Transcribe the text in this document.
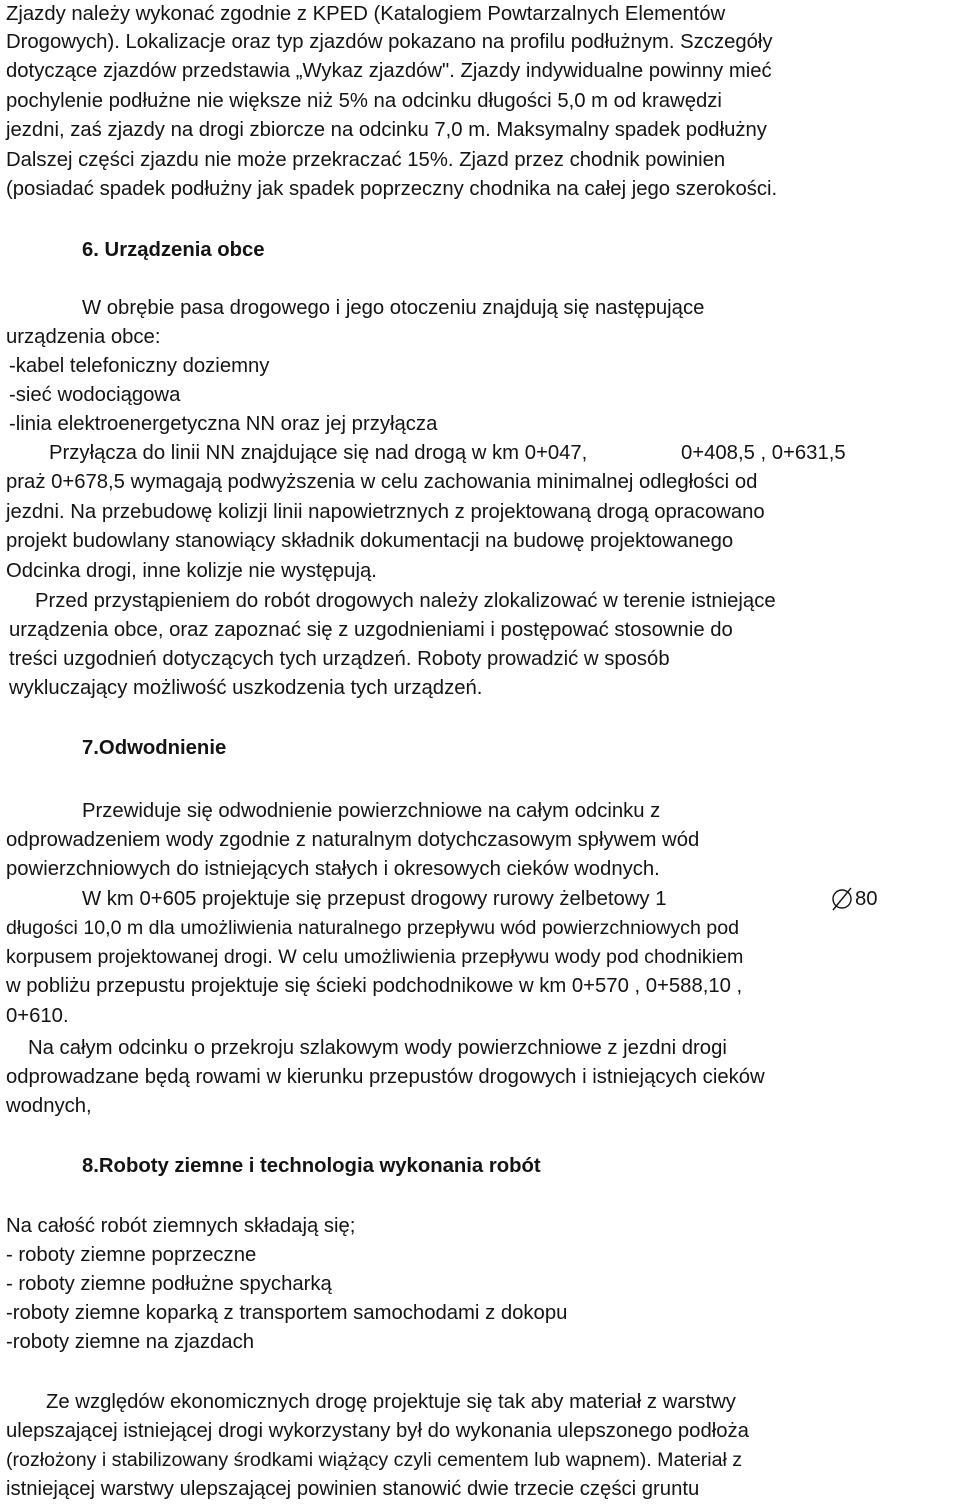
Zjazdy należy wykonać zgodnie z KPED (Katalogiem Powtarzalnych Elementów

Drogowych). Lokalizacje oraz typ zjazdów pokazano na profilu podłużnym. Szczegóły

dotyczące zjazdów przedstawia „Wykaz zjazdów". Zjazdy indywidualne powinny mieć

pochylenie podłużne nie większe niż 5% na odcinku długości 5,0 m od krawędzi

jezdni, zaś zjazdy na drogi zbiorcze na odcinku 7,0 m. Maksymalny spadek podłużny

Dalszej części zjazdu nie może przekraczać 15%. Zjazd przez chodnik powinien

(posiadać spadek podłużny jak spadek poprzeczny chodnika na całej jego szerokości.

6. Urządzenia obce

W obrębie pasa drogowego i jego otoczeniu znajdują się następujące

urządzenia obce:

-kabel telefoniczny doziemny

-sieć wodociągowa

-linia elektroenergetyczna NN oraz jej przyłącza

Przyłącza do linii NN znajdujące się nad drogą w km 0+047,	0+408,5 , 0+631,5

praż 0+678,5 wymagają podwyższenia w celu zachowania minimalnej odległości od

jezdni. Na przebudowę kolizji linii napowietrznych z projektowaną drogą opracowano

projekt budowlany stanowiący składnik dokumentacji na budowę projektowanego

Odcinka drogi, inne kolizje nie występują.

Przed przystąpieniem do robót drogowych należy zlokalizować w terenie istniejące

urządzenia obce, oraz zapoznać się z uzgodnieniami i postępować stosownie do

treści uzgodnień dotyczących tych urządzeń. Roboty prowadzić w sposób

wykluczający możliwość uszkodzenia tych urządzeń.

7.Odwodnienie

Przewiduje się odwodnienie powierzchniowe na całym odcinku z

odprowadzeniem wody zgodnie z naturalnym dotychczasowym spływem wód

powierzchniowych do istniejących stałych i okresowych cieków wodnych.

W km 0+605 projektuje się przepust drogowy rurowy żelbetowy 1	80

długości 10,0 m dla umożliwienia naturalnego przepływu wód powierzchniowych pod

korpusem projektowanej drogi. W celu umożliwienia przepływu wody pod chodnikiem

w pobliżu przepustu projektuje się ścieki podchodnikowe w km 0+570 , 0+588,10 ,

0+610.

Na całym odcinku o przekroju szlakowym wody powierzchniowe z jezdni drogi

odprowadzane będą rowami w kierunku przepustów drogowych i istniejących cieków

wodnych,

8.Roboty ziemne i technologia wykonania robót

Na całość robót ziemnych składają się;

- roboty ziemne poprzeczne

- roboty ziemne podłużne spycharką

-roboty ziemne koparką z transportem samochodami z dokopu

-roboty ziemne na zjazdach

Ze względów ekonomicznych drogę projektuje się tak aby materiał z warstwy

ulepszającej istniejącej drogi wykorzystany był do wykonania ulepszonego podłoża

(rozłożony i stabilizowany środkami wiążący czyli cementem lub wapnem). Materiał z

istniejącej warstwy ulepszającej powinien stanowić dwie trzecie części gruntu
